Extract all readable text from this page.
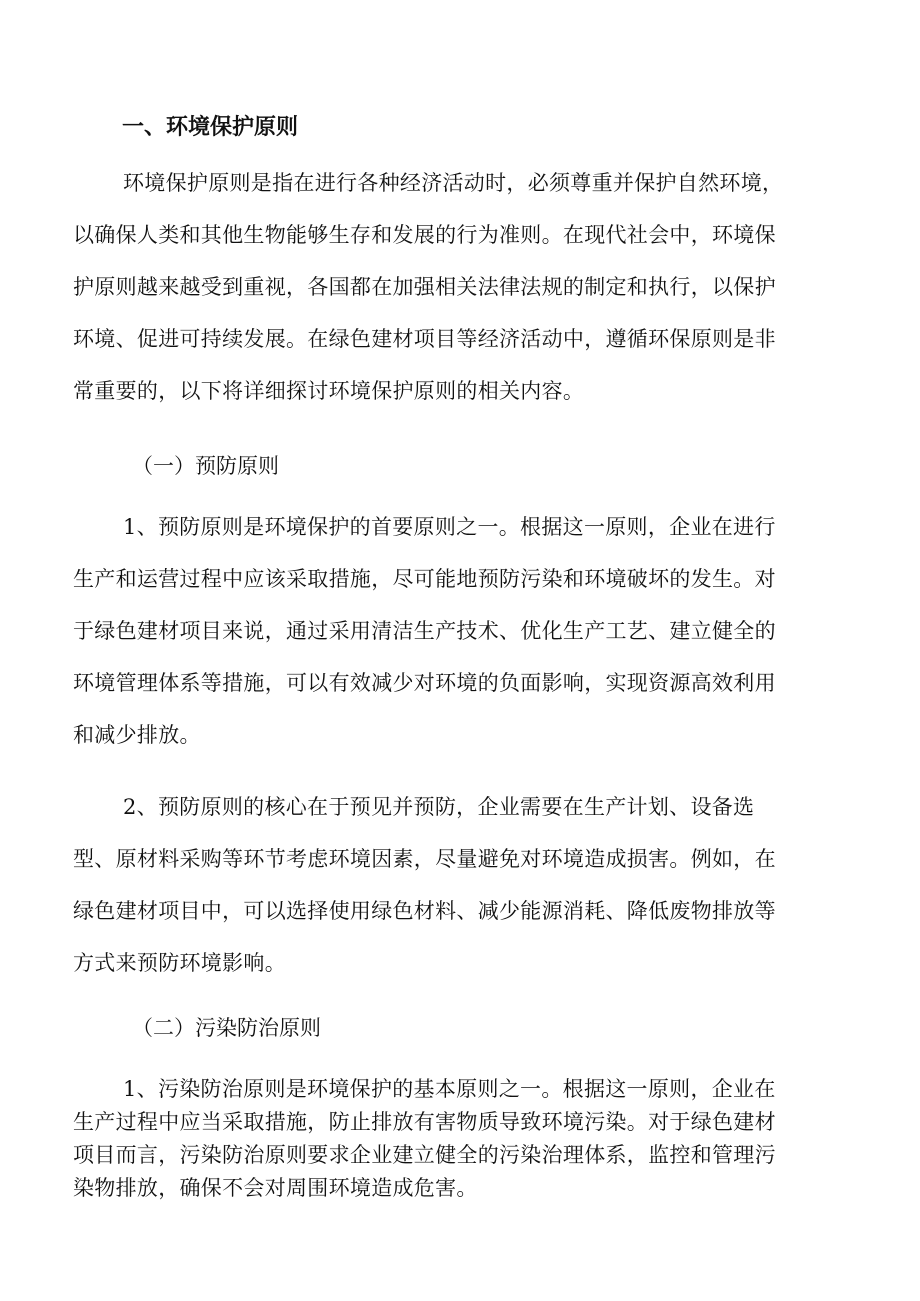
一、环境保护原则
环境保护原则是指在进行各种经济活动时，必须尊重并保护自然环境，
以确保人类和其他生物能够生存和发展的行为准则。在现代社会中，环境保
护原则越来越受到重视，各国都在加强相关法律法规的制定和执行，以保护
环境、促进可持续发展。在绿色建材项目等经济活动中，遵循环保原则是非
常重要的，以下将详细探讨环境保护原则的相关内容。
（一）预防原则
1、预防原则是环境保护的首要原则之一。根据这一原则，企业在进行
生产和运营过程中应该采取措施，尽可能地预防污染和环境破坏的发生。对
于绿色建材项目来说，通过采用清洁生产技术、优化生产工艺、建立健全的
环境管理体系等措施，可以有效减少对环境的负面影响，实现资源高效利用
和减少排放。
2、预防原则的核心在于预见并预防，企业需要在生产计划、设备选
型、原材料采购等环节考虑环境因素，尽量避免对环境造成损害。例如，在
绿色建材项目中，可以选择使用绿色材料、减少能源消耗、降低废物排放等
方式来预防环境影响。
（二）污染防治原则
1、污染防治原则是环境保护的基本原则之一。根据这一原则，企业在
生产过程中应当采取措施，防止排放有害物质导致环境污染。对于绿色建材
项目而言，污染防治原则要求企业建立健全的污染治理体系，监控和管理污
染物排放，确保不会对周围环境造成危害。
